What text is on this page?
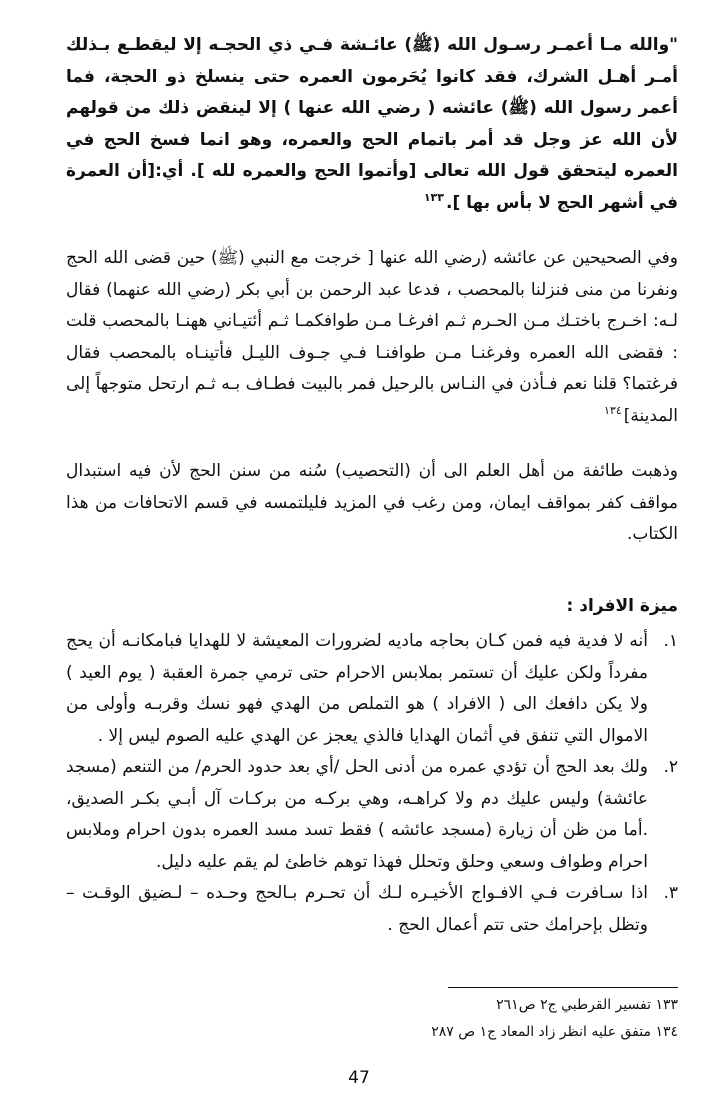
"والله مـا أعمـر رسـول الله (ﷺ) عائـشة فـي ذي الحجـه إلا ليقطـع بـذلك أمـر أهـل الشرك، فقد كانوا يُحَرمون العمره حتى ينسلخ ذو الحجة، فما أعمر رسول الله (ﷺ) عائشه ( رضي الله عنها ) إلا لينقض ذلك من قولهم لأن الله عز وجل قد أمر باتمام الحج والعمره، وهو انما فسخ الحج في العمره ليتحقق قول الله تعالى [وأتموا الحج والعمره لله ]. أي:[أن العمرة في أشهر الحج لا بأس بها ].$^{١٣٣}$

وفي الصحيحين عن عائشه (رضي الله عنها [ خرجت مع النبي (ﷺ) حين قضى الله الحج ونفرنا من منى فنزلنا بالمحصب ، فدعا عبد الرحمن بن أبي بكر (رضي الله عنهما) فقال لـه: اخـرج باختـك مـن الحـرم ثـم افرغـا مـن طوافكمـا ثـم أئتيـاني ههنـا بالمحصب قلت : فقضى الله العمره وفرغنـا مـن طوافنـا فـي جـوف الليـل فأتينـاه بالمحصب فقال فرغتما؟ قلنا نعم فـأذن في النـاس بالرحيل فمر بالبيت فطـاف بـه ثـم ارتحل متوجهاً إلى المدينة]$^{١٣٤}$

وذهبت طائفة من أهل العلم الى أن (التحصيب) سُنه من سنن الحج لأن فيه استبدال مواقف كفر بمواقف ايمان، ومن رغب في المزيد فليلتمسه في قسم الاتحافات من هذا الكتاب.

ميزة الافراد :
١.
أنه لا فدية فيه فمن كـان بحاجه ماديه لضرورات المعيشة لا للهدايا فبامكانـه أن يحج مفرداً ولكن عليك أن تستمر بملابس الاحرام حتى ترمي جمرة العقبة ( يوم العيد ) ولا يكن دافعك الى ( الافراد ) هو التملص من الهدي فهو نسك وقربـه وأولى من الاموال التي تنفق في أثمان الهدايا فالذي يعجز عن الهدي عليه الصوم ليس إلا .
٢.
ولك بعد الحج أن تؤدي عمره من أدنى الحل /أي بعد حدود الحرم/ من التنعم (مسجد عائشة) وليس عليك دم ولا كراهـه، وهي بركـه من بركـات آل أبـي بكـر الصديق، .أما من ظن أن زيارة (مسجد عائشه ) فقط تسد مسد العمره بدون احرام وملابس احرام وطواف وسعي وحلق وتحلل فهذا توهم خاطئ لم يقم عليه دليل.
٣.
اذا سـافرت فـي الافـواج الأخيـره لـك أن تحـرم بـالحج وحـده – لـضيق الوقـت – وتظل بإحرامك حتى تتم أعمال الحج .
١٣٣ تفسير القرطبي ج٢ ص٢٦١
١٣٤ متفق عليه انظر زاد المعاد ج١ ص ٢٨٧
47
